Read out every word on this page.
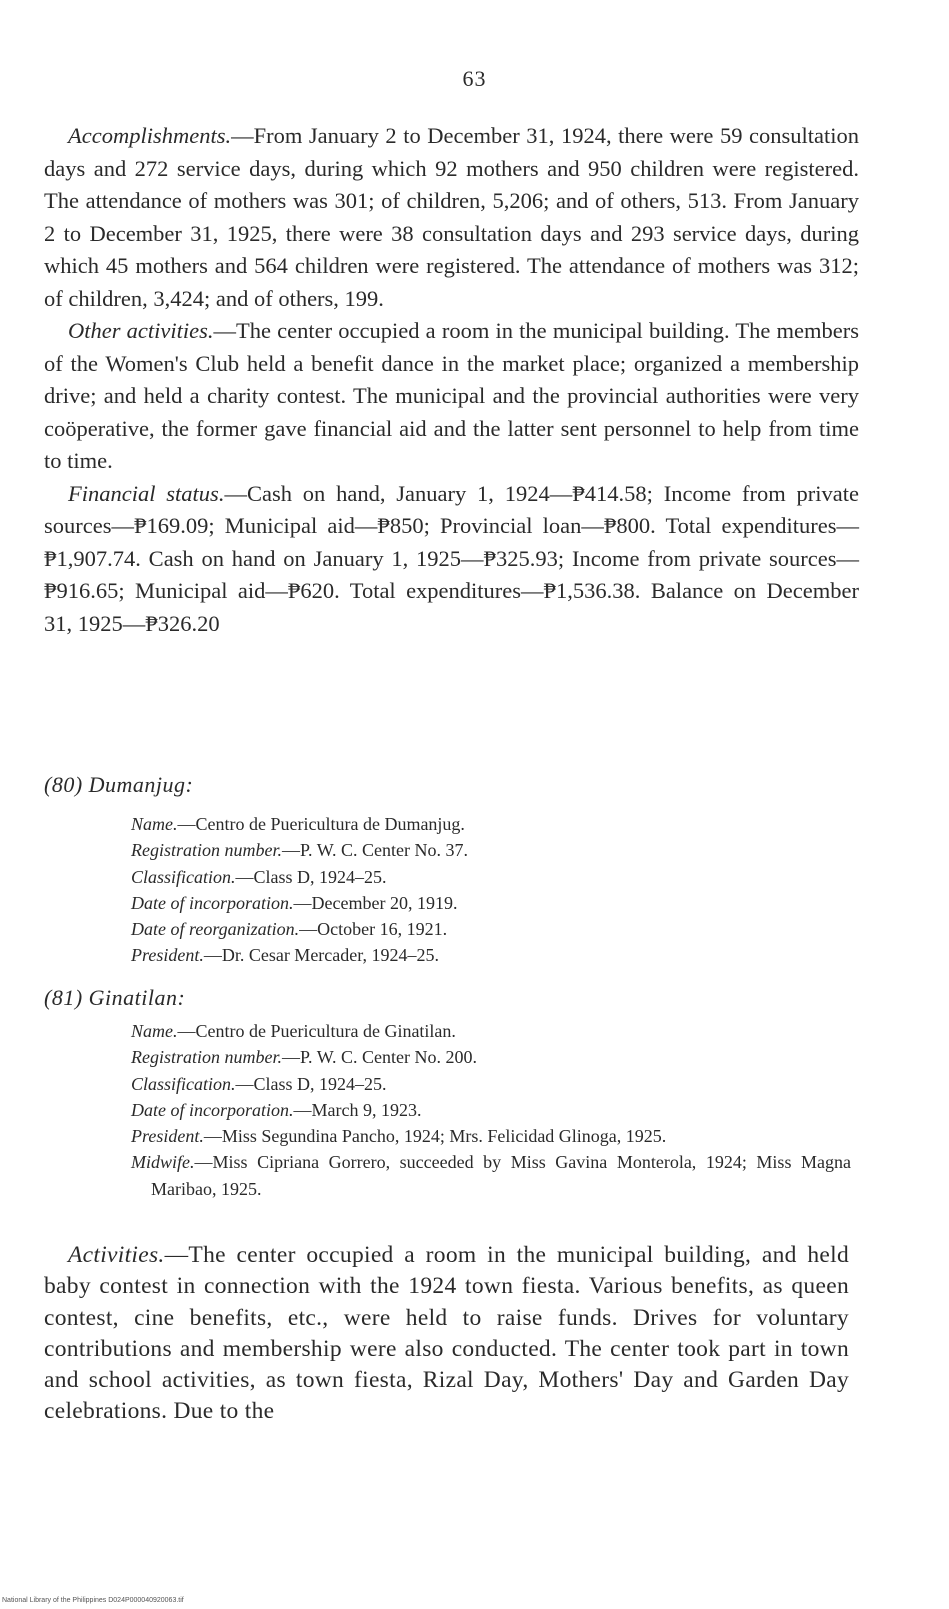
63

Accomplishments.—From January 2 to December 31, 1924, there were 59 consultation days and 272 service days, during which 92 mothers and 950 children were registered. The attendance of mothers was 301; of children, 5,206; and of others, 513. From January 2 to December 31, 1925, there were 38 consultation days and 293 service days, during which 45 mothers and 564 children were registered. The attendance of mothers was 312; of children, 3,424; and of others, 199.

Other activities.—The center occupied a room in the municipal building. The members of the Women's Club held a benefit dance in the market place; organized a membership drive; and held a charity contest. The municipal and the provincial authorities were very coöperative, the former gave financial aid and the latter sent personnel to help from time to time.

Financial status.—Cash on hand, January 1, 1924—₱414.58; Income from private sources—₱169.09; Municipal aid—₱850; Provincial loan—₱800. Total expenditures—₱1,907.74. Cash on hand on January 1, 1925—₱325.93; Income from private sources—₱916.65; Municipal aid—₱620. Total expenditures—₱1,536.38. Balance on December 31, 1925—₱326.20

(80) Dumanjug:
Name.—Centro de Puericultura de Dumanjug.
Registration number.—P. W. C. Center No. 37.
Classification.—Class D, 1924–25.
Date of incorporation.—December 20, 1919.
Date of reorganization.—October 16, 1921.
President.—Dr. Cesar Mercader, 1924–25.
(81) Ginatilan:
Name.—Centro de Puericultura de Ginatilan.
Registration number.—P. W. C. Center No. 200.
Classification.—Class D, 1924–25.
Date of incorporation.—March 9, 1923.
President.—Miss Segundina Pancho, 1924; Mrs. Felicidad Glinoga, 1925.
Midwife.—Miss Cipriana Gorrero, succeeded by Miss Gavina Monterola, 1924; Miss Magna Maribao, 1925.

Activities.—The center occupied a room in the municipal building, and held baby contest in connection with the 1924 town fiesta. Various benefits, as queen contest, cine benefits, etc., were held to raise funds. Drives for voluntary contributions and membership were also conducted. The center took part in town and school activities, as town fiesta, Rizal Day, Mothers' Day and Garden Day celebrations. Due to the

National Library of the Philippines D024P000040920063.tif
